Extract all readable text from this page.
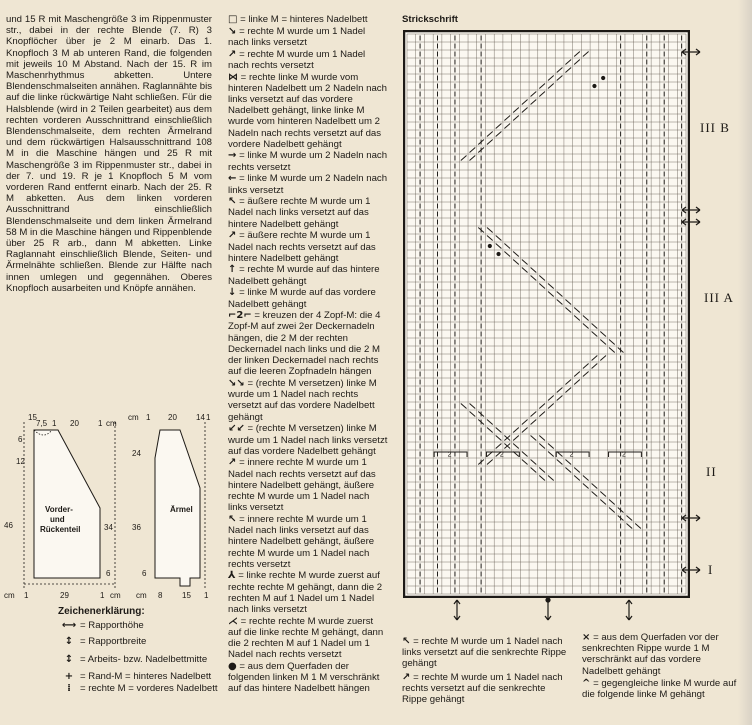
und 15 R mit Maschengröße 3 im Rippenmuster str., dabei in der rechte Blende (7. R) 3 Knopflöcher über je 2 M einarb. Das 1. Knopfloch 3 M ab unteren Rand, die folgenden mit jeweils 10 M Abstand. Nach der 15. R im Maschenrhythmus abketten. Untere Blendenschmalseiten annähen. Raglannähte bis auf die linke rückwärtige Naht schließen. Für die Halsblende (wird in 2 Teilen gearbeitet) aus dem rechten vorderen Ausschnittrand einschließlich Blendenschmalseite, dem rechten Ärmelrand und dem rückwärtigen Halsausschnittrand 108 M in die Maschine hängen und 25 R mit Maschengröße 3 im Rippenmuster str., dabei in der 7. und 19. R je 1 Knopfloch 5 M vom vorderen Rand entfernt einarb. Nach der 25. R M abketten. Aus dem linken vorderen Ausschnittrand einschließlich Blendenschmalseite und dem linken Ärmelrand 58 M in die Maschine hängen und Rippenblende über 25 R arb., dann M abketten. Linke Raglannaht einschließlich Blende, Seiten- und Ärmelnähte schließen. Blende zur Hälfte nach innen umlegen und gegennähen. Oberes Knopfloch ausarbeiten und Knöpfe annähen.

□ = linke M = hinteres Nadelbett
↘ = rechte M wurde um 1 Nadel nach links versetzt
↗ = rechte M wurde um 1 Nadel nach rechts versetzt
⋈ = rechte linke M wurde vom hinteren Nadelbett um 2 Nadeln nach links versetzt auf das vordere Nadelbett gehängt, linke linke M wurde vom hinteren Nadelbett um 2 Nadeln nach rechts versetzt auf das vordere Nadelbett gehängt
→ = linke M wurde um 2 Nadeln nach rechts versetzt
← = linke M wurde um 2 Nadeln nach links versetzt
↖ = äußere rechte M wurde um 1 Nadel nach links versetzt auf das hintere Nadelbett gehängt
↗ = äußere rechte M wurde um 1 Nadel nach rechts versetzt auf das hintere Nadelbett gehängt
↑ = rechte M wurde auf das hintere Nadelbett gehängt
↓ = linke M wurde auf das vordere Nadelbett gehängt
⌐2⌐ = kreuzen der 4 Zopf-M: die 4 Zopf-M auf zwei 2er Deckernadeln hängen, die 2 M der rechten Deckernadel nach links und die 2 M der linken Deckernadel nach rechts auf die leeren Zopfnadeln hängen
↘↘ = (rechte M versetzen) linke M wurde um 1 Nadel nach rechts versetzt auf das vordere Nadelbett gehängt
↙↙ = (rechte M versetzen) linke M wurde um 1 Nadel nach links versetzt auf das vordere Nadelbett gehängt
↗ = innere rechte M wurde um 1 Nadel nach rechts versetzt auf das hintere Nadelbett gehängt, äußere rechte M wurde um 1 Nadel nach links versetzt
↖ = innere rechte M wurde um 1 Nadel nach links versetzt auf das hintere Nadelbett gehängt, äußere rechte M wurde um 1 Nadel nach rechts versetzt
⅄ = linke rechte M wurde zuerst auf rechte rechte M gehängt, dann die 2 rechten M auf 1 Nadel um 1 Nadel nach links versetzt
⋌ = rechte rechte M wurde zuerst auf die linke rechte M gehängt, dann die 2 rechten M auf 1 Nadel um 1 Nadel nach rechts versetzt
● = aus dem Querfaden der folgenden linken M 1 M verschränkt auf das hintere Nadelbett hängen
Strickschrift
2	2	2	2
III B
III A
II
I
↖ = rechte M wurde um 1 Nadel nach links versetzt auf die senkrechte Rippe gehängt
↗ = rechte M wurde um 1 Nadel nach rechts versetzt auf die senkrechte Rippe gehängt
× = aus dem Querfaden vor der senkrechten Rippe wurde 1 M verschränkt auf das vordere Nadelbett gehängt
^ = gegengleiche linke M wurde auf die folgende linke M gehängt
Vorder-
und
Rückenteil
Ärmel
15
7,5 1 20 1 cm
cm 1 20 14 1
6
12
46
24
34 36
cm 1	29	1 cm
6	6
cm 8 15 1
Zeichenerklärung:
⟷ = Rapporthöhe
↕ = Rapportbreite
↕ = Arbeits- bzw. Nadelbettmitte
+ = Rand-M = hinteres Nadelbett
⁞ = rechte M = vorderes Nadelbett
